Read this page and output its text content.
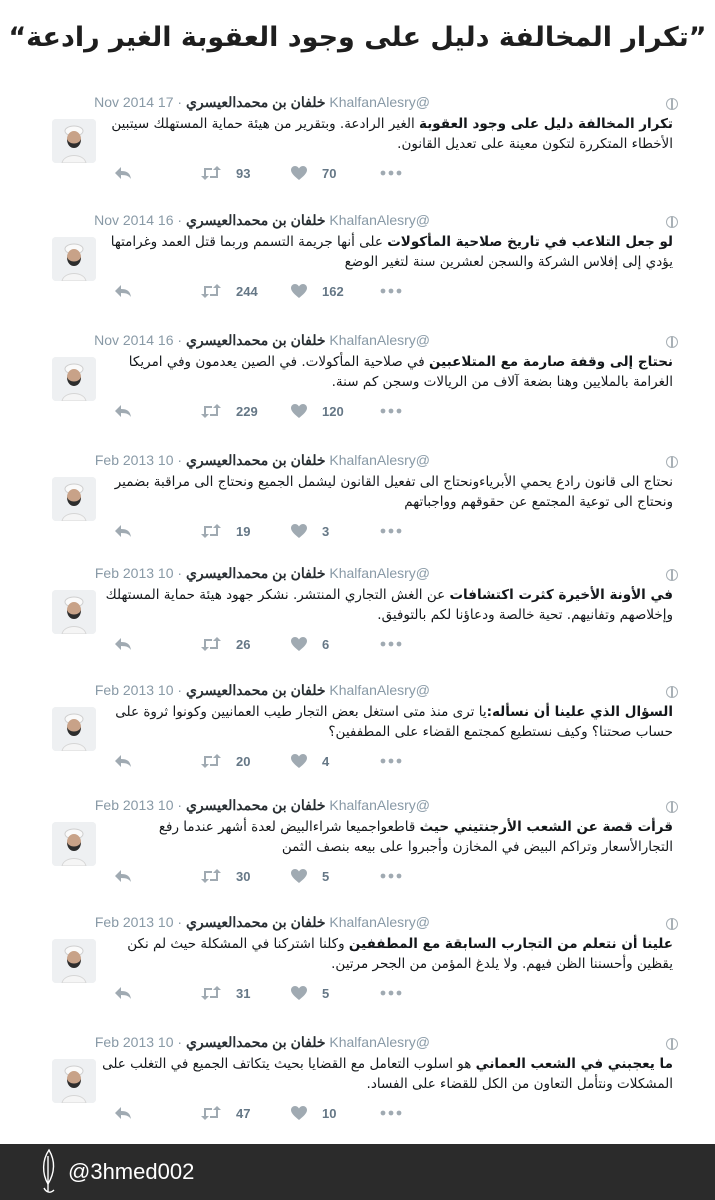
”تكرار المخالفة دليل على وجود العقوبة الغير رادعة“
@KhalfanAlesry خلفان بن محمدالعيسري · 17 Nov 2014
تكرار المخالفة دليل على وجود العقوبة الغير الرادعة. وبتقرير من هيئة حماية المستهلك سيتبين الأخطاء المتكررة لتكون معينة على تعديل القانون.
93	70
@KhalfanAlesry خلفان بن محمدالعيسري · 16 Nov 2014
لو جعل التلاعب في تاريخ صلاحية المأكولات على أنها جريمة التسمم وربما قتل العمد وغرامتها يؤدي إلى إفلاس الشركة والسجن لعشرين سنة لتغير الوضع
244	162
@KhalfanAlesry خلفان بن محمدالعيسري · 16 Nov 2014
نحتاج إلى وقفة صارمة مع المتلاعبين في صلاحية المأكولات. في الصين يعدمون وفي امريكا الغرامة بالملايين وهنا بضعة آلاف من الريالات وسجن كم سنة.
229	120
@KhalfanAlesry خلفان بن محمدالعيسري · 10 Feb 2013
نحتاج الى قانون رادع يحمي الأبرياءونحتاج الى تفعيل القانون ليشمل الجميع ونحتاج الى مراقبة بضمير ونحتاج الى توعية المجتمع عن حقوقهم وواجباتهم
19	3
@KhalfanAlesry خلفان بن محمدالعيسري · 10 Feb 2013
في الأونة الأخيرة كثرت اكتشافات عن الغش التجاري المنتشر. نشكر جهود هيئة حماية المستهلك وإخلاصهم وتفانيهم. تحية خالصة ودعاؤنا لكم بالتوفيق.
26	6
@KhalfanAlesry خلفان بن محمدالعيسري · 10 Feb 2013
السؤال الذي علينا أن نسأله:يا ترى منذ متى استغل بعض التجار طيب العمانيين وكونوا ثروة على حساب صحتنا؟ وكيف نستطيع كمجتمع القضاء على المطففين؟
20	4
@KhalfanAlesry خلفان بن محمدالعيسري · 10 Feb 2013
قرأت قصة عن الشعب الأرجنتيني حيث قاطعواجميعا شراءالبيض لعدة أشهر عندما رفع التجارالأسعار وتراكم البيض في المخازن وأجبروا على بيعه بنصف الثمن
30	5
@KhalfanAlesry خلفان بن محمدالعيسري · 10 Feb 2013
علينا أن نتعلم من التجارب السابقة مع المطففين وكلنا اشتركنا في المشكلة حيث لم نكن يقظين وأحسننا الظن فيهم. ولا يلدغ المؤمن من الجحر مرتين.
31	5
@KhalfanAlesry خلفان بن محمدالعيسري · 10 Feb 2013
ما يعجبني في الشعب العماني هو اسلوب التعامل مع القضايا بحيث يتكاتف الجميع في التغلب على المشكلات ونتأمل التعاون من الكل للقضاء على الفساد.
47	10
@3hmed002
